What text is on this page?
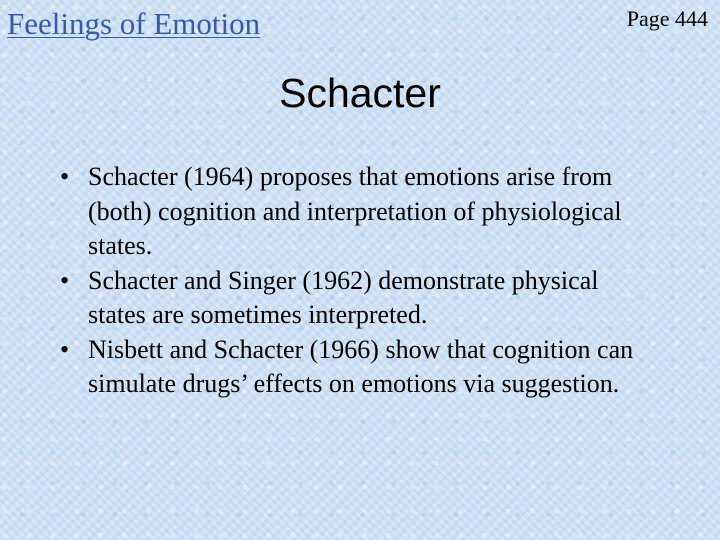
Feelings of Emotion	Page 444
Schacter
• Schacter (1964) proposes that emotions arise from (both) cognition and interpretation of physiological states.
• Schacter and Singer (1962) demonstrate physical states are sometimes interpreted.
• Nisbett and Schacter (1966) show that cognition can simulate drugs’ effects on emotions via suggestion.
